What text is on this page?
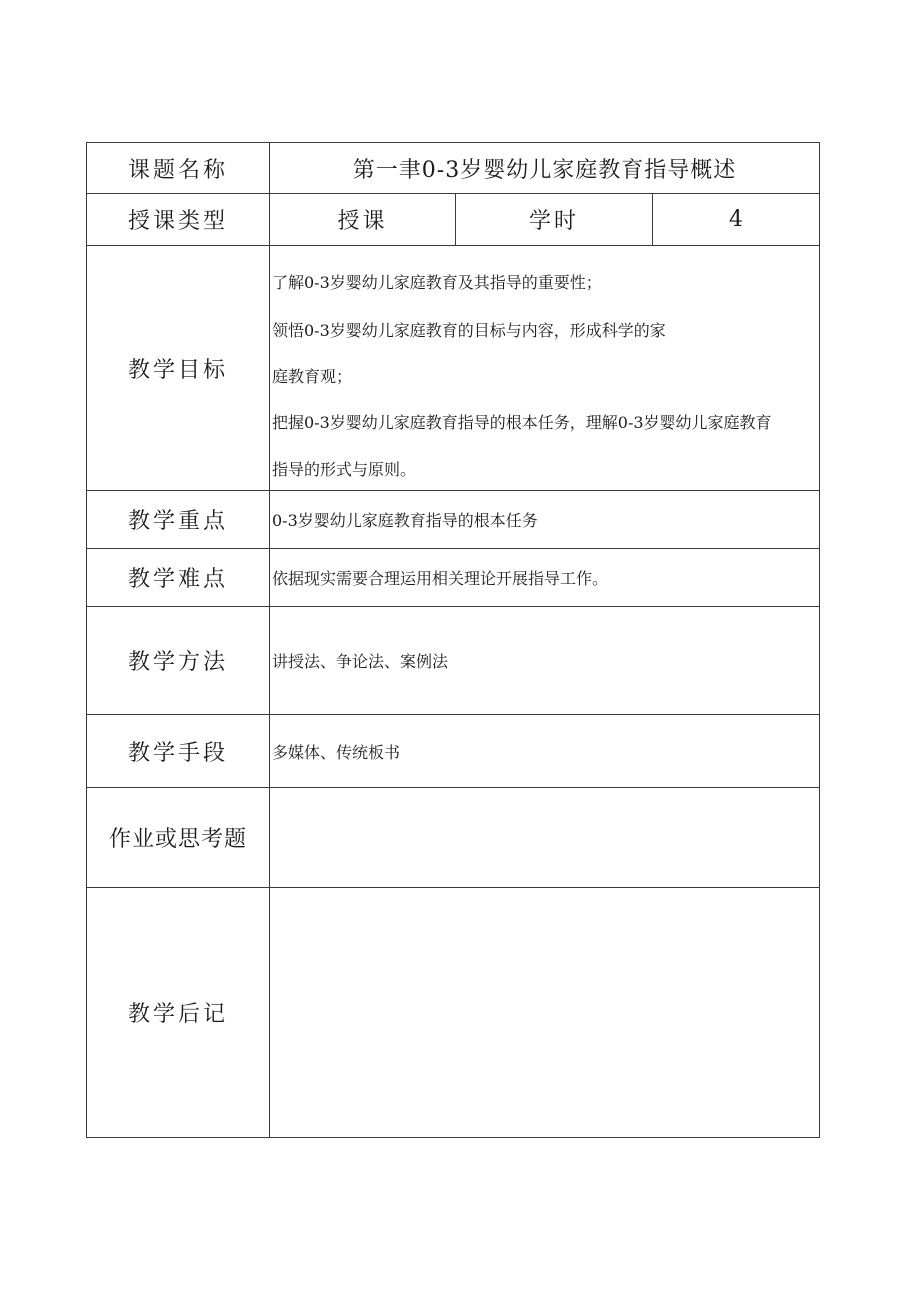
课题名称	第一聿0-3岁婴幼儿家庭教育指导概述		
授课类型	授课	学时	4
教学目标	了解0-3岁婴幼儿家庭教育及其指导的重要性；

领悟0-3岁婴幼儿家庭教育的目标与内容，形成科学的家

庭教育观；

把握0-3岁婴幼儿家庭教育指导的根本任务，理解0-3岁婴幼儿家庭教育

指导的形式与原则。		

教学重点	0-3岁婴幼儿家庭教育指导的根本任务		
教学难点	依据现实需要合理运用相关理论开展指导工作。		
教学方法	讲授法、争论法、案例法		
教学手段	多媒体、传统板书		
作业或思考题			
教学后记			
